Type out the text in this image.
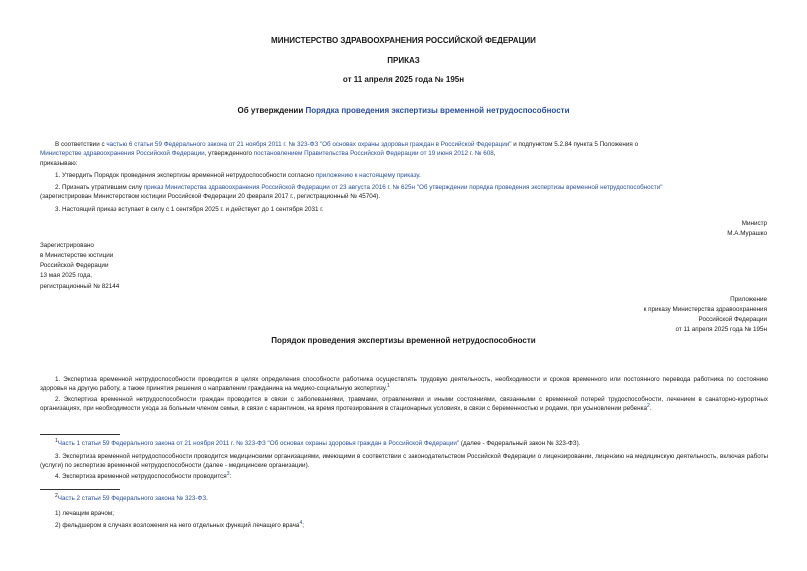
МИНИСТЕРСТВО ЗДРАВООХРАНЕНИЯ РОССИЙСКОЙ ФЕДЕРАЦИИ
ПРИКАЗ
от 11 апреля 2025 года № 195н
Об утверждении Порядка проведения экспертизы временной нетрудоспособности
В соответствии с частью 6 статьи 59 Федерального закона от 21 ноября 2011 г. № 323-ФЗ "Об основах охраны здоровья граждан в Российской Федерации" и подпунктом 5.2.84 пункта 5 Положения о
Министерстве здравоохранения Российской Федерации, утвержденного постановлением Правительства Российской Федерации от 19 июня 2012 г. № 608,
приказываю:
1. Утвердить Порядок проведения экспертизы временной нетрудоспособности согласно приложению к настоящему приказу.
2. Признать утратившим силу приказ Министерства здравоохранения Российской Федерации от 23 августа 2016 г. № 625н "Об утверждении порядка проведения экспертизы временной нетрудоспособности"
(зарегистрирован Министерством юстиции Российской Федерации 20 февраля 2017 г., регистрационный № 45704).
3. Настоящий приказ вступает в силу с 1 сентября 2025 г. и действует до 1 сентября 2031 г.
Министр
М.А.Мурашко
Зарегистрировано
в Министерстве юстиции
Российской Федерации
13 мая 2025 года,
регистрационный № 82144
Приложение
к приказу Министерства здравоохранения
Российской Федерации
от 11 апреля 2025 года № 195н
Порядок проведения экспертизы временной нетрудоспособности
1. Экспертиза временной нетрудоспособности проводится в целях определения способности работника осуществлять трудовую деятельность, необходимости и сроков временного или постоянного перевода работника по состоянию здоровья на другую работу, а также принятия решения о направлении гражданина на медико-социальную экспертизу.$^1$
2. Экспертиза временной нетрудоспособности граждан проводится в связи с заболеваниями, травмами, отравлениями и иными состояниями, связанными с временной потерей трудоспособности, лечением в санаторно-курортных организациях, при необходимости ухода за больным членом семьи, в связи с карантином, на время протезирования в стационарных условиях, в связи с беременностью и родами, при усыновлении ребенка$^2$.
$^1$Часть 1 статьи 59 Федерального закона от 21 ноября 2011 г. № 323-ФЗ "Об основах охраны здоровья граждан в Российской Федерации" (далее - Федеральный закон № 323-ФЗ).
3. Экспертиза временной нетрудоспособности проводится медицинскими организациями, имеющими в соответствии с законодательством Российской Федерации о лицензировании, лицензию на медицинскую деятельность, включая работы (услуги) по экспертизе временной нетрудоспособности (далее - медицинские организации).
4. Экспертиза временной нетрудоспособности проводится$^3$:
$^2$Часть 2 статьи 59 Федерального закона № 323-ФЗ.
1) лечащим врачом;
2) фельдшером в случаях возложения на него отдельных функций лечащего врача$^4$;
